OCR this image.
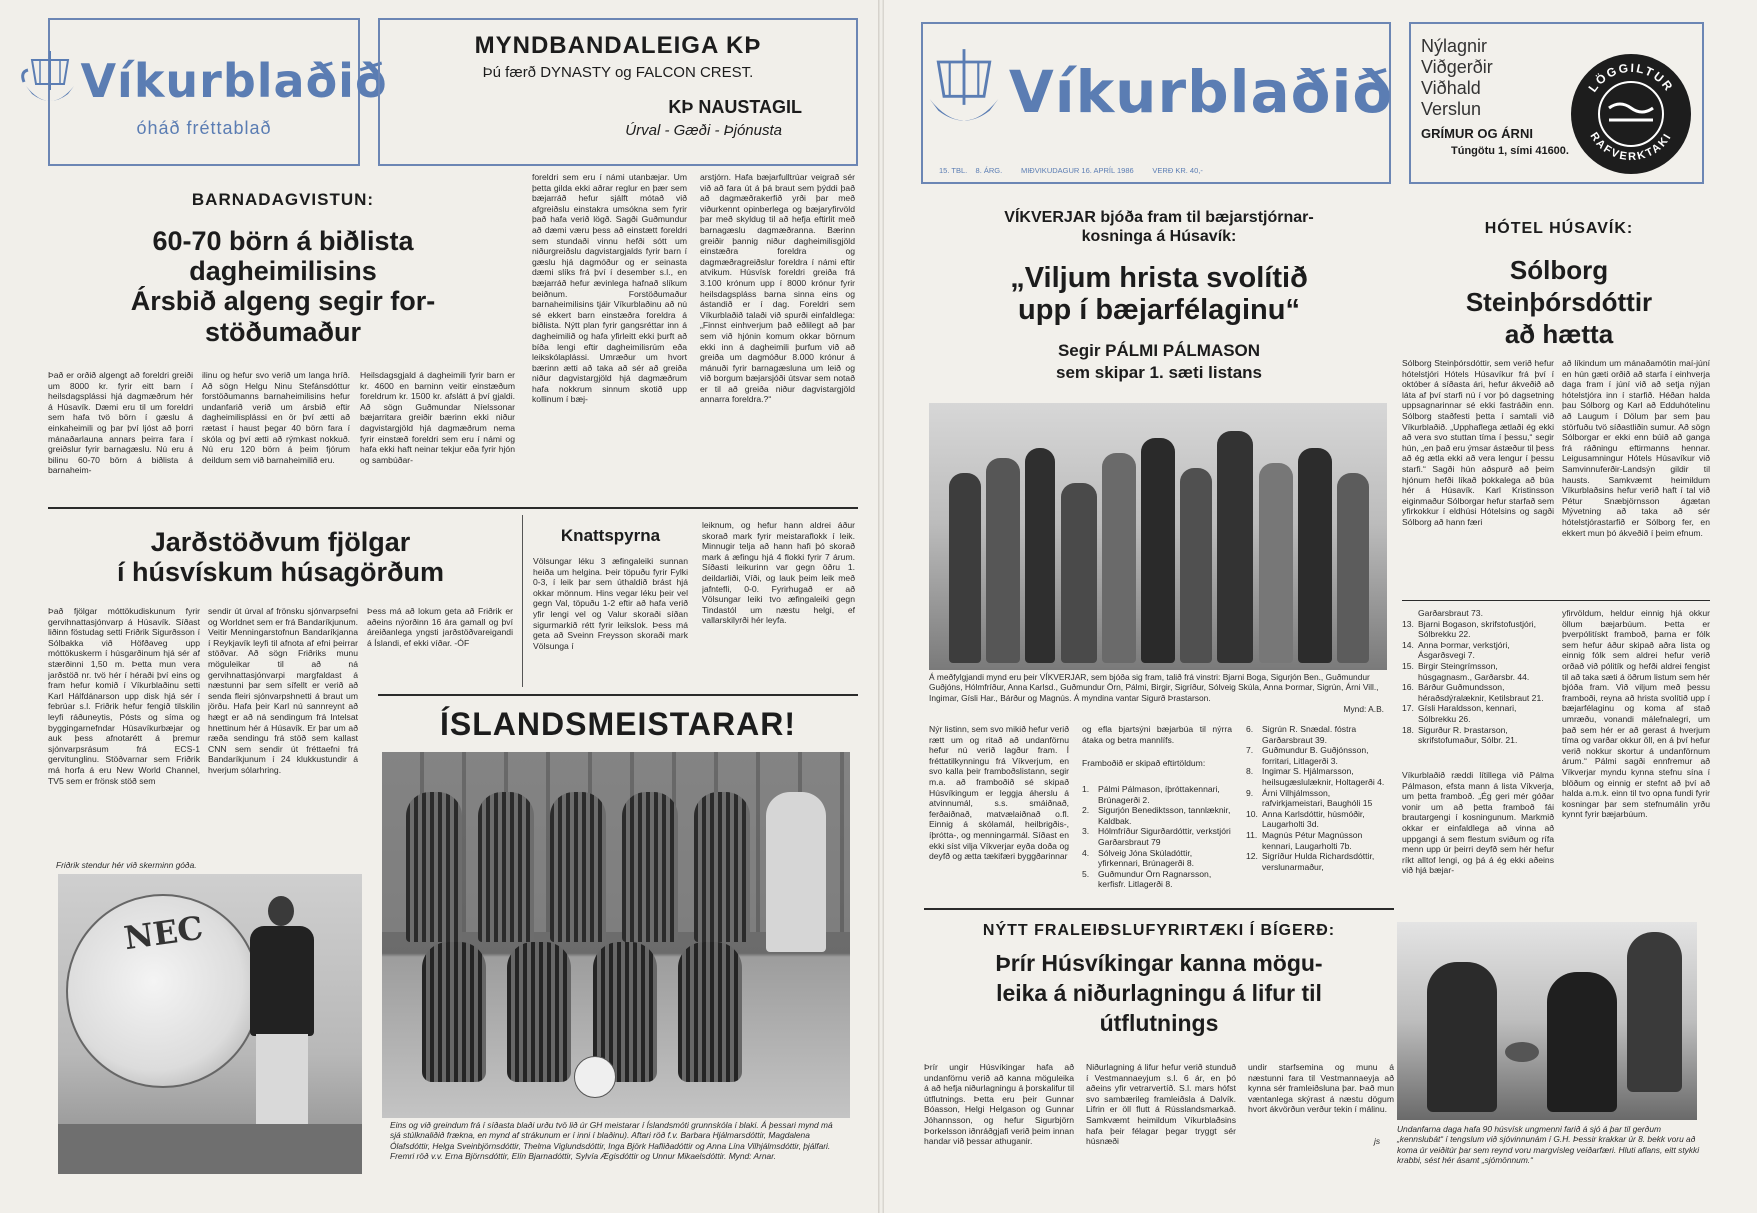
Víkurblaðið
óháð fréttablað
MYNDBANDALEIGA KÞ
Þú færð DYNASTY og FALCON CREST.
KÞ NAUSTAGIL
Úrval - Gæði - Þjónusta
BARNADAGVISTUN:
60-70 börn á biðlista
dagheimilisins
Ársbið algeng segir for-
stöðumaður
Það er orðið algengt að foreldri greiði um 8000 kr. fyrir eitt barn í heilsdagsplássi hjá dagmæðrum hér á Húsavík. Dæmi eru til um foreldri sem hafa tvö börn í gæslu á einkaheimili og þar því ljóst að þorri mánaðarlauna annars þeirra fara í greiðslur fyrir barnagæslu. Nú eru á bilinu 60-70 börn á biðlista á barnaheim-
ilinu og hefur svo verið um langa hríð. Að sögn Helgu Ninu Stefánsdóttur forstöðumanns barnaheimilisins hefur undanfarið verið um ársbið eftir dagheimilisplássi en ör því ætti að rætast í haust þegar 40 börn fara í skóla og því ætti að rýmkast nokkuð. Nú eru 120 börn á þeim fjórum deildum sem við barnaheimilið eru.
Heilsdagsgjald á dagheimili fyrir barn er kr. 4600 en barninn veitir einstæðum foreldrum kr. 1500 kr. afslátt á því gjaldi. Að sögn Guðmundar Níelssonar bæjarritara greiðir bærinn ekki niður dagvistargjöld hjá dagmæðrum nema fyrir einstæð foreldri sem eru í námi og hafa ekki haft neinar tekjur eða fyrir hjón og sambúðar-
foreldri sem eru í námi utanbæjar. Um þetta gilda ekki aðrar reglur en þær sem bæjarráð hefur sjálft mótað við afgreiðslu einstakra umsókna sem fyrir það hafa verið lögð. Sagði Guðmundur að dæmi væru þess að einstætt foreldri sem stundaði vinnu hefði sótt um niðurgreiðslu dagvistargjalds fyrir barn í gæslu hjá dagmóður og er seinasta dæmi slíks frá því í desember s.l., en bæjarráð hefur ævinlega hafnað slíkum beiðnum. Forstöðumaður barnaheimilisins tjáir Víkurblaðinu að nú sé ekkert barn einstæðra foreldra á biðlista. Nýtt plan fyrir gangsréttar inn á dagheimilið og hafa yfirleitt ekki þurft að bíða lengi eftir dagheimilisrúm eða leikskólaplássi. Umræður um hvort bærinn ætti að taka að sér að greiða niður dagvistargjöld hjá dagmæðrum hafa nokkrum sinnum skotið upp kollinum í bæj-
arstjórn. Hafa bæjarfulltrúar veigrað sér við að fara út á þá braut sem þýddi það að dagmæðrakerfið yrði þar með viðurkennt opinberlega og bæjaryfirvöld þar með skyldug til að hefja eftirlit með barnagæslu dagmæðranna. Bærinn greiðir þannig niður dagheimilisgjöld einstæðra foreldra og dagmæðragreiðslur foreldra í námi eftir atvikum. Húsvísk foreldri greiða frá 3.100 krónum upp í 8000 krónur fyrir heilsdagspláss barna sinna eins og ástandið er í dag. Foreldri sem Víkurblaðið talaði við spurði einfaldlega: „Finnst einhverjum það eðlilegt að þar sem við hjónin komum okkar börnum ekki inn á dagheimili þurfum við að greiða um dagmóður 8.000 krónur á mánuði fyrir barnagæsluna um leið og við borgum bæjarsjóði útsvar sem notað er til að greiða niður dagvistargjöld annarra foreldra.?“
Jarðstöðvum fjölgar
í húsvískum húsagörðum
Það fjölgar móttökudiskunum fyrir gervihnattasjónvarp á Húsavík. Síðast liðinn föstudag setti Friðrik Sigurðsson í Sólbakka við Höfðaveg upp móttökuskerm í húsgarðinum hjá sér af stærðinni 1,50 m. Þetta mun vera jarðstöð nr. tvö hér í héraði því eins og fram hefur komið í Víkurblaðinu setti Karl Hálfdánarson upp disk hjá sér í febrúar s.l. Friðrik hefur fengið tilskilin leyfi ráðuneytis, Pósts og síma og byggingarnefndar Húsavíkurbæjar og auk þess afnotarétt á þremur sjónvarpsrásum frá ECS-1 gervitunglinu. Stöðvarnar sem Friðrik má horfa á eru New World Channel, TV5 sem er frönsk stöð sem
sendir út úrval af frönsku sjónvarpsefni og Worldnet sem er frá Bandaríkjunum. Veitir Menningarstofnun Bandaríkjanna í Reykjavík leyfi til afnota af efni þeirrar stöðvar. Að sögn Friðriks munu möguleikar til að ná gervihnattasjónvarpi margfaldast á næstunni þar sem sífellt er verið að senda fleiri sjónvarpshnetti á braut um jörðu. Hafa þeir Karl nú sannreynt að hægt er að ná sendingum frá Intelsat hnettinum hér á Húsavík. Er þar um að ræða sendingu frá stöð sem kallast CNN sem sendir út fréttaefni frá Bandaríkjunum í 24 klukkustundir á hverjum sólarhring.
Þess má að lokum geta að Friðrik er aðeins nýorðinn 16 ára gamall og því áreiðanlega yngsti jarðstöðvareigandi á Íslandi, ef ekki víðar. -ÓF
Friðrik stendur hér við skerminn góða.
NEC
Knattspyrna
Völsungar léku 3 æfingaleiki sunnan heiða um helgina. Þeir töpuðu fyrir Fylki 0-3, í leik þar sem úthaldið brást hjá okkar mönnum. Hins vegar léku þeir vel gegn Val, töpuðu 1-2 eftir að hafa verið yfir lengi vel og Valur skoraði síðan sigurmarkið rétt fyrir leikslok. Þess má geta að Sveinn Freysson skoraði mark Völsunga í
leiknum, og hefur hann aldrei áður skorað mark fyrir meistaraflokk í leik. Minnugir telja að hann hafi þó skorað mark á æfingu hjá 4 flokki fyrir 7 árum. Síðasti leikurinn var gegn öðru 1. deildarliði, Víði, og lauk þeim leik með jafntefli, 0-0. Fyrirhugað er að Völsungar leiki tvo æfingaleiki gegn Tindastól um næstu helgi, ef vallarskilyrði hér leyfa.
ÍSLANDSMEISTARAR!
Eins og við greindum frá í síðasta blaði urðu tvö lið úr GH meistarar í Íslandsmóti grunnskóla í blaki. Á þessari mynd má sjá stúlknaliðið frækna, en mynd af strákunum er í inni í blaðinu). Aftari röð f.v. Barbara Hjálmarsdóttir, Magdalena Ólafsdóttir, Helga Sveinbjörnsdóttir, Thelma Viglundsdóttir, Inga Björk Hafliðadóttir og Anna Lína Vilhjálmsdóttir, þjálfari. Fremri röð v.v. Erna Björnsdóttir, Elín Bjarnadóttir, Sylvía Ægisdóttir og Unnur Mikaelsdóttir. Mynd: Arnar.
Víkurblaðið
15. TBL.    8. ÁRG.         MIÐVIKUDAGUR 16. APRÍL 1986         VERÐ KR. 40,-
Nýlagnir
Viðgerðir
Viðhald
Verslun
GRÍMUR OG ÁRNI
Túngötu 1, sími 41600.
LÖGGILTUR
RAFVERKTAKI
VÍKVERJAR bjóða fram til bæjarstjórnar-
kosninga á Húsavík:
„Viljum hrista svolítið
upp í bæjarfélaginu“
Segir PÁLMI PÁLMASON
sem skipar 1. sæti listans
Á meðfylgjandi mynd eru þeir VÍKVERJAR, sem bjóða sig fram, talið frá vinstri: Bjarni Boga, Sigurjón Ben., Guðmundur Guðjóns, Hólmfríður, Anna Karlsd., Guðmundur Örn, Pálmi, Birgir, Sigríður, Sólveig Skúla, Anna Þormar, Sigrún, Árni Vill., Ingimar, Gísli Har., Bárður og Magnús. Á myndina vantar Sigurð Þrastarson.
Mynd: A.B.
Nýr listinn, sem svo mikið hefur verið rætt um og ritað að undanförnu hefur nú verið lagður fram. Í fréttatilkynningu frá Víkverjum, en svo kalla þeir framboðslistann, segir m.a. að framboðið sé skipað Húsvíkingum er leggja áherslu á atvinnumál, s.s. smáiðnað, ferðaiðnað, matvælaiðnað o.fl. Einnig á skólamál, heilbrigðis-, íþrótta-, og menningarmál. Síðast en ekki síst vilja Víkverjar eyða doða og deyfð og ætta tækifæri byggðarinnar
og efla bjartsýni bæjarbúa til nýrra átaka og betra mannlífs.
Framboðið er skipað eftirtöldum:
1.	Pálmi Pálmason, íþróttakennari, Brúnagerði 2.
2.	Sigurjón Benediktsson, tannlæknir, Kaldbak.
3.	Hólmfríður Sigurðardóttir, verkstjóri Garðarsbraut 79
4.	Sólveig Jóna Skúladóttir, yfirkennari, Brúnagerði 8.
5.	Guðmundur Örn Ragnarsson, kerfisfr. Litlagerði 8.
6.	Sigrún R. Snædal. fóstra Garðarsbraut 39.
7.	Guðmundur B. Guðjónsson, forritari, Litlagerði 3.
8.	Ingimar S. Hjálmarsson, heilsugæslulæknir, Holtagerði 4.
9.	Árni Vilhjálmsson, rafvirkjameistari, Baughóli 15
10. Anna Karlsdóttir, húsmóðir, Laugarholti 3d.
11. Magnús Pétur Magnússon kennari, Laugarholti 7b.
12. Sigríður Hulda Richardsdóttir, verslunarmaður,
NÝTT FRALEIÐSLUFYRIRTÆKI Í BÍGERÐ:
Þrír Húsvíkingar kanna mögu-
leika á niðurlagningu á lifur til
útflutnings
Þrír ungir Húsvíkingar hafa að undanförnu verið að kanna möguleika á að hefja niðurlagningu á þorskalifur til útflutnings. Þetta eru þeir Gunnar Bóasson, Helgi Helgason og Gunnar Jóhannsson, og hefur Sigurbjörn Þorkelsson iðnráðgjafi verið þeim innan handar við þessar athuganir.
Niðurlagning á lifur hefur verið stunduð í Vestmannaeyjum s.l. 6 ár, en þó aðeins yfir vetrarvertíð. S.l. mars hófst svo sambærileg framleiðsla á Dalvík. Lifrin er öll flutt á Rússlandsmarkað. Samkvæmt heimildum Víkurblaðsins hafa þeir félagar þegar tryggt sér húsnæði
undir starfsemina og munu á næstunni fara til Vestmannaeyja að kynna sér framleiðsluna þar. Það mun væntanlega skýrast á næstu dögum hvort ákvörðun verður tekin í málinu.
js
HÓTEL HÚSAVÍK:
Sólborg
Steinþórsdóttir
að hætta
Sólborg Steinþórsdóttir, sem verið hefur hótelstjóri Hótels Húsavíkur frá því í október á síðasta ári, hefur ákveðið að láta af því starfi nú í vor þó dagsetning uppsagnarinnar sé ekki fastráðin enn. Sólborg staðfesti þetta í samtali við Víkurblaðið. „Upphaflega ætlaði ég ekki að vera svo stuttan tíma í þessu,“ segir hún, „en það eru ýmsar ástæður til þess að ég ætla ekki að vera lengur í þessu starfi.“ Sagði hún aðspurð að þeim hjónum hefði líkað þokkalega að búa hér á Húsavík. Karl Kristinsson eiginmaður Sólborgar hefur starfað sem yfirkokkur í eldhúsi Hótelsins og sagði Sólborg að hann færi
að líkindum um mánaðamótin maí-júní en hún gæti orðið að starfa í einhverja daga fram í júní við að setja nýjan hótelstjóra inn í starfið. Héðan halda þau Sólborg og Karl að Edduhótelinu að Laugum í Dölum þar sem þau störfuðu tvö síðastliðin sumur. Að sögn Sólborgar er ekki enn búið að ganga frá ráðningu eftirmanns hennar. Leigusamningur Hótels Húsavíkur við Samvinnuferðir-Landsýn gildir til hausts. Samkvæmt heimildum Víkurblaðsins hefur verið haft í tal við Pétur Snæbjörnsson ágætan Mývetning að taka að sér hótelstjórastarfið er Sólborg fer, en ekkert mun þó ákveðið í þeim efnum.
Garðarsbraut 73.
13. Bjarni Bogason, skrifstofustjóri, Sólbrekku 22.
14. Anna Þormar, verkstjóri, Ásgarðsvegi 7.
15. Birgir Steingrímsson, húsgagnasm., Garðarsbr. 44.
16. Bárður Guðmundsson, héraðsdýralæknir, Ketilsbraut 21.
17. Gísli Haraldsson, kennari, Sólbrekku 26.
18. Sigurður R. Þrastarson, skrifstofumaður, Sólbr. 21.
Víkurblaðið ræddi lítillega við Pálma Pálmason, efsta mann á lista Víkverja, um þetta framboð. „Ég geri mér góðar vonir um að þetta framboð fái brautargengi í kosningunum. Markmið okkar er einfaldlega að vinna að uppgangi á sem flestum sviðum og rífa menn upp úr þeirri deyfð sem hér hefur ríkt alltof lengi, og þá á ég ekki aðeins við hjá bæjar-
yfirvöldum, heldur einnig hjá okkur öllum bæjarbúum. Þetta er þverpólitískt framboð, þarna er fólk sem hefur áður skipað aðra lista og einnig fólk sem aldrei hefur verið orðað við pólitík og hefði aldrei fengist til að taka sæti á öðrum listum sem hér bjóða fram. Við viljum með þessu framboði, reyna að hrista svolítið upp í bæjarfélaginu og koma af stað umræðu, vonandi málefnalegri, um það sem hér er að gerast á hverjum tíma og varðar okkur öll, en á því hefur verið nokkur skortur á undanförnum árum.“ Pálmi sagði ennfremur að Víkverjar myndu kynna stefnu sína í blöðum og einnig er stefnt að því að halda a.m.k. einn til tvo opna fundi fyrir kosningar þar sem stefnumálin yrðu kynnt fyrir bæjarbúum.
Undanfarna daga hafa 90 húsvísk ungmenni farið á sjó á þar til gerðum „kennslubát“ í tengslum við sjóvinnunám í G.H. Þessir krakkar úr 8. bekk voru að koma úr veiðitúr þar sem reynd voru margvísleg veiðarfæri. Hluti aflans, eitt stykki krabbi, sést hér ásamt „sjómönnum.“
